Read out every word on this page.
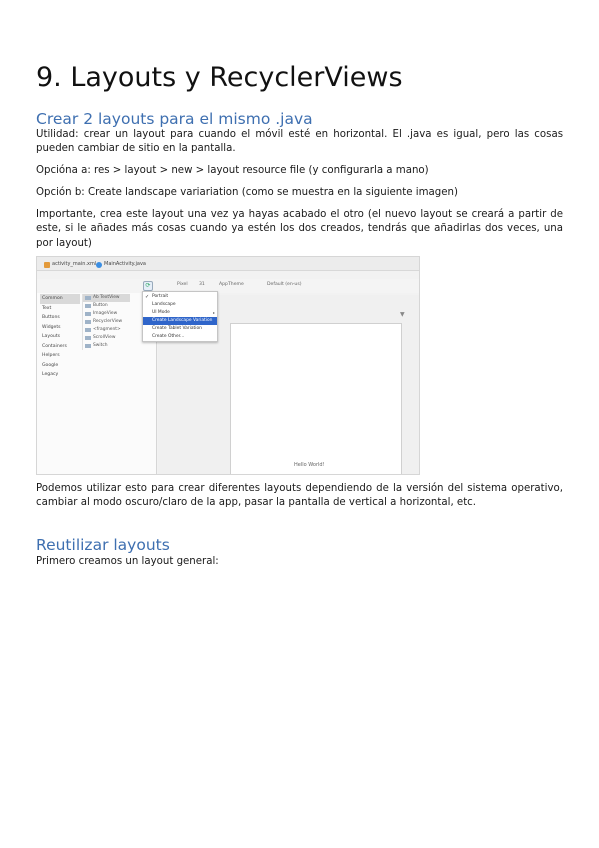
9. Layouts y RecyclerViews
Crear 2 layouts para el mismo .java

Utilidad: crear un layout para cuando el móvil esté en horizontal. El .java es igual, pero las cosas pueden cambiar de sitio en la pantalla.

Opcióna a: res > layout > new > layout resource file (y configurarla a mano)

Opción b: Create landscape variariation (como se muestra en la siguiente imagen)

Importante, crea este layout una vez ya hayas acabado el otro (el nuevo layout se creará a partir de este, si le añades más cosas cuando ya estén los dos creados, tendrás que añadirlas dos veces, una por layout)

Podemos utilizar esto para crear diferentes layouts dependiendo de la versión del sistema operativo, cambiar al modo oscuro/claro de la app, pasar la pantalla de vertical a horizontal, etc.

Reutilizar layouts

Primero creamos un layout general:

activity_main.xml	MainActivity.java
Common
Text
Buttons
Widgets
Layouts
Containers
Helpers
Google
Legacy
Ab TextView
Button
ImageView
RecyclerView
<fragment>
ScrollView
Switch
Pixel 31	AppTheme	Default (en-us)
⟳
▼
Hello World!
✓ Portrait
Landscape
UI Mode	▸
Create Landscape Variation
Create Tablet Variation
Create Other...
